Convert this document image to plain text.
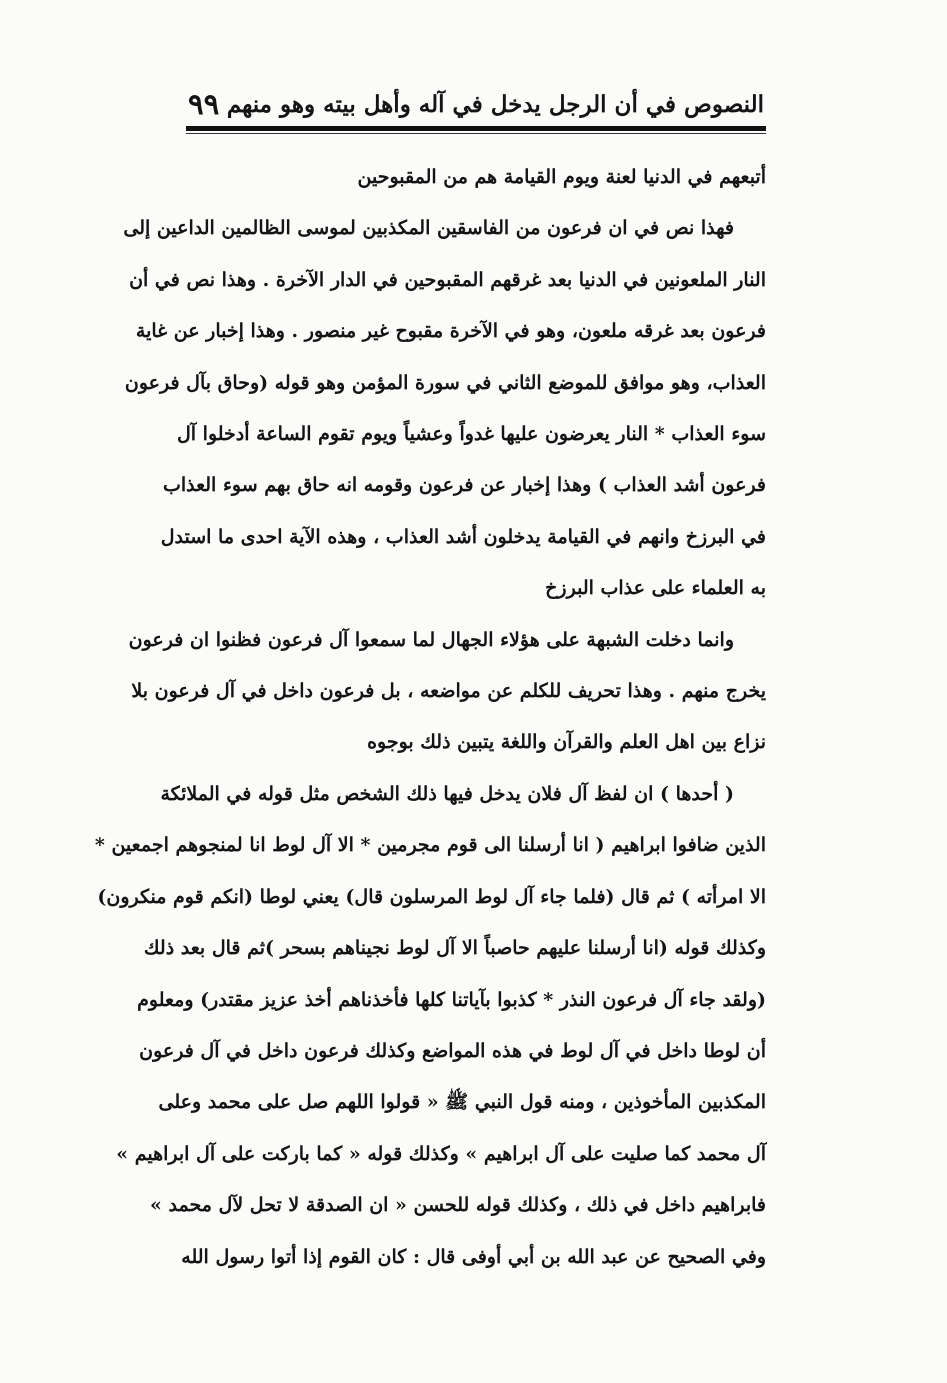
النصوص في أن الرجل يدخل في آله وأهل بيته وهو منهم
٩٩
أتبعهم في الدنيا لعنة ويوم القيامة هم من المقبوحين
فهذا نص في ان فرعون من الفاسقين المكذبين لموسى الظالمين الداعين إلى
النار الملعونين في الدنيا بعد غرقهم المقبوحين في الدار الآخرة . وهذا نص في أن
فرعون بعد غرقه ملعون، وهو في الآخرة مقبوح غير منصور . وهذا إخبار عن غاية
العذاب، وهو موافق للموضع الثاني في سورة المؤمن وهو قوله (وحاق بآل فرعون
سوء العذاب * النار يعرضون عليها غدواً وعشياً ويوم تقوم الساعة أدخلوا آل
فرعون أشد العذاب ) وهذا إخبار عن فرعون وقومه انه حاق بهم سوء العذاب
في البرزخ وانهم في القيامة يدخلون أشد العذاب ، وهذه الآية احدى ما استدل
به العلماء على عذاب البرزخ
وانما دخلت الشبهة على هؤلاء الجهال لما سمعوا آل فرعون فظنوا ان فرعون
يخرج منهم . وهذا تحريف للكلم عن مواضعه ، بل فرعون داخل في آل فرعون بلا
نزاع بين اهل العلم والقرآن واللغة يتبين ذلك بوجوه
( أحدها ) ان لفظ آل فلان يدخل فيها ذلك الشخص مثل قوله في الملائكة
الذين ضافوا ابراهيم ( انا أرسلنا الى قوم مجرمين * الا آل لوط انا لمنجوهم اجمعين *
الا امرأته ) ثم قال (فلما جاء آل لوط المرسلون قال) يعني لوطا (انكم قوم منكرون)
وكذلك قوله (انا أرسلنا عليهم حاصباً الا آل لوط نجيناهم بسحر )ثم قال بعد ذلك
(ولقد جاء آل فرعون النذر * كذبوا بآياتنا كلها فأخذناهم أخذ عزيز مقتدر) ومعلوم
أن لوطا داخل في آل لوط في هذه المواضع وكذلك فرعون داخل في آل فرعون
المكذبين المأخوذين ، ومنه قول النبي ﷺ « قولوا اللهم صل على محمد وعلى
آل محمد كما صليت على آل ابراهيم » وكذلك قوله « كما باركت على آل ابراهيم »
فابراهيم داخل في ذلك ، وكذلك قوله للحسن « ان الصدقة لا تحل لآل محمد »
وفي الصحيح عن عبد الله بن أبي أوفى قال : كان القوم إذا أتوا رسول الله
